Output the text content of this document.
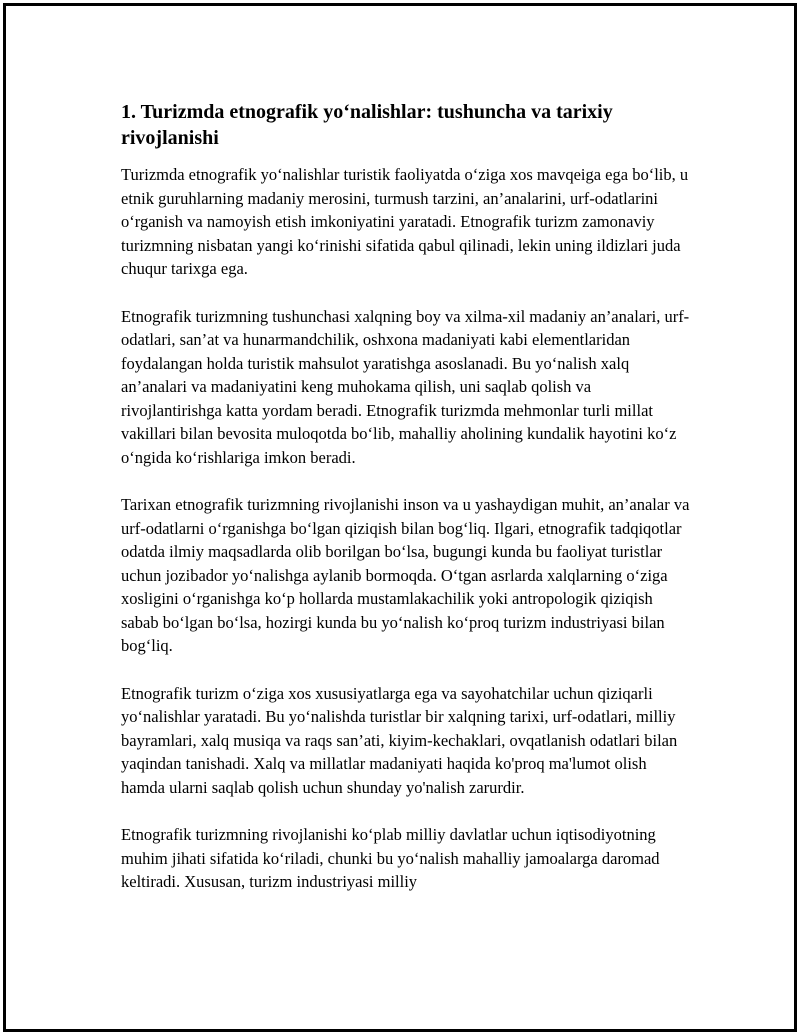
1. Turizmda etnografik yo‘nalishlar: tushuncha va tarixiy rivojlanishi

Turizmda etnografik yo‘nalishlar turistik faoliyatda o‘ziga xos mavqeiga ega bo‘lib, u etnik guruhlarning madaniy merosini, turmush tarzini, an’analarini, urf-odatlarini o‘rganish va namoyish etish imkoniyatini yaratadi. Etnografik turizm zamonaviy turizmning nisbatan yangi ko‘rinishi sifatida qabul qilinadi, lekin uning ildizlari juda chuqur tarixga ega.

Etnografik turizmning tushunchasi xalqning boy va xilma-xil madaniy an’analari, urf-odatlari, san’at va hunarmandchilik, oshxona madaniyati kabi elementlaridan foydalangan holda turistik mahsulot yaratishga asoslanadi. Bu yo‘nalish xalq an’analari va madaniyatini keng muhokama qilish, uni saqlab qolish va rivojlantirishga katta yordam beradi. Etnografik turizmda mehmonlar turli millat vakillari bilan bevosita muloqotda bo‘lib, mahalliy aholining kundalik hayotini ko‘z o‘ngida ko‘rishlariga imkon beradi.

Tarixan etnografik turizmning rivojlanishi inson va u yashaydigan muhit, an’analar va urf-odatlarni o‘rganishga bo‘lgan qiziqish bilan bog‘liq. Ilgari, etnografik tadqiqotlar odatda ilmiy maqsadlarda olib borilgan bo‘lsa, bugungi kunda bu faoliyat turistlar uchun jozibador yo‘nalishga aylanib bormoqda. O‘tgan asrlarda xalqlarning o‘ziga xosligini o‘rganishga ko‘p hollarda mustamlakachilik yoki antropologik qiziqish sabab bo‘lgan bo‘lsa, hozirgi kunda bu yo‘nalish ko‘proq turizm industriyasi bilan bog‘liq.

Etnografik turizm o‘ziga xos xususiyatlarga ega va sayohatchilar uchun qiziqarli yo‘nalishlar yaratadi. Bu yo‘nalishda turistlar bir xalqning tarixi, urf-odatlari, milliy bayramlari, xalq musiqa va raqs san’ati, kiyim-kechaklari, ovqatlanish odatlari bilan yaqindan tanishadi. Xalq va millatlar madaniyati haqida ko'proq ma'lumot olish hamda ularni saqlab qolish uchun shunday yo'nalish zarurdir.

Etnografik turizmning rivojlanishi ko‘plab milliy davlatlar uchun iqtisodiyotning muhim jihati sifatida ko‘riladi, chunki bu yo‘nalish mahalliy jamoalarga daromad keltiradi. Xususan, turizm industriyasi milliy
